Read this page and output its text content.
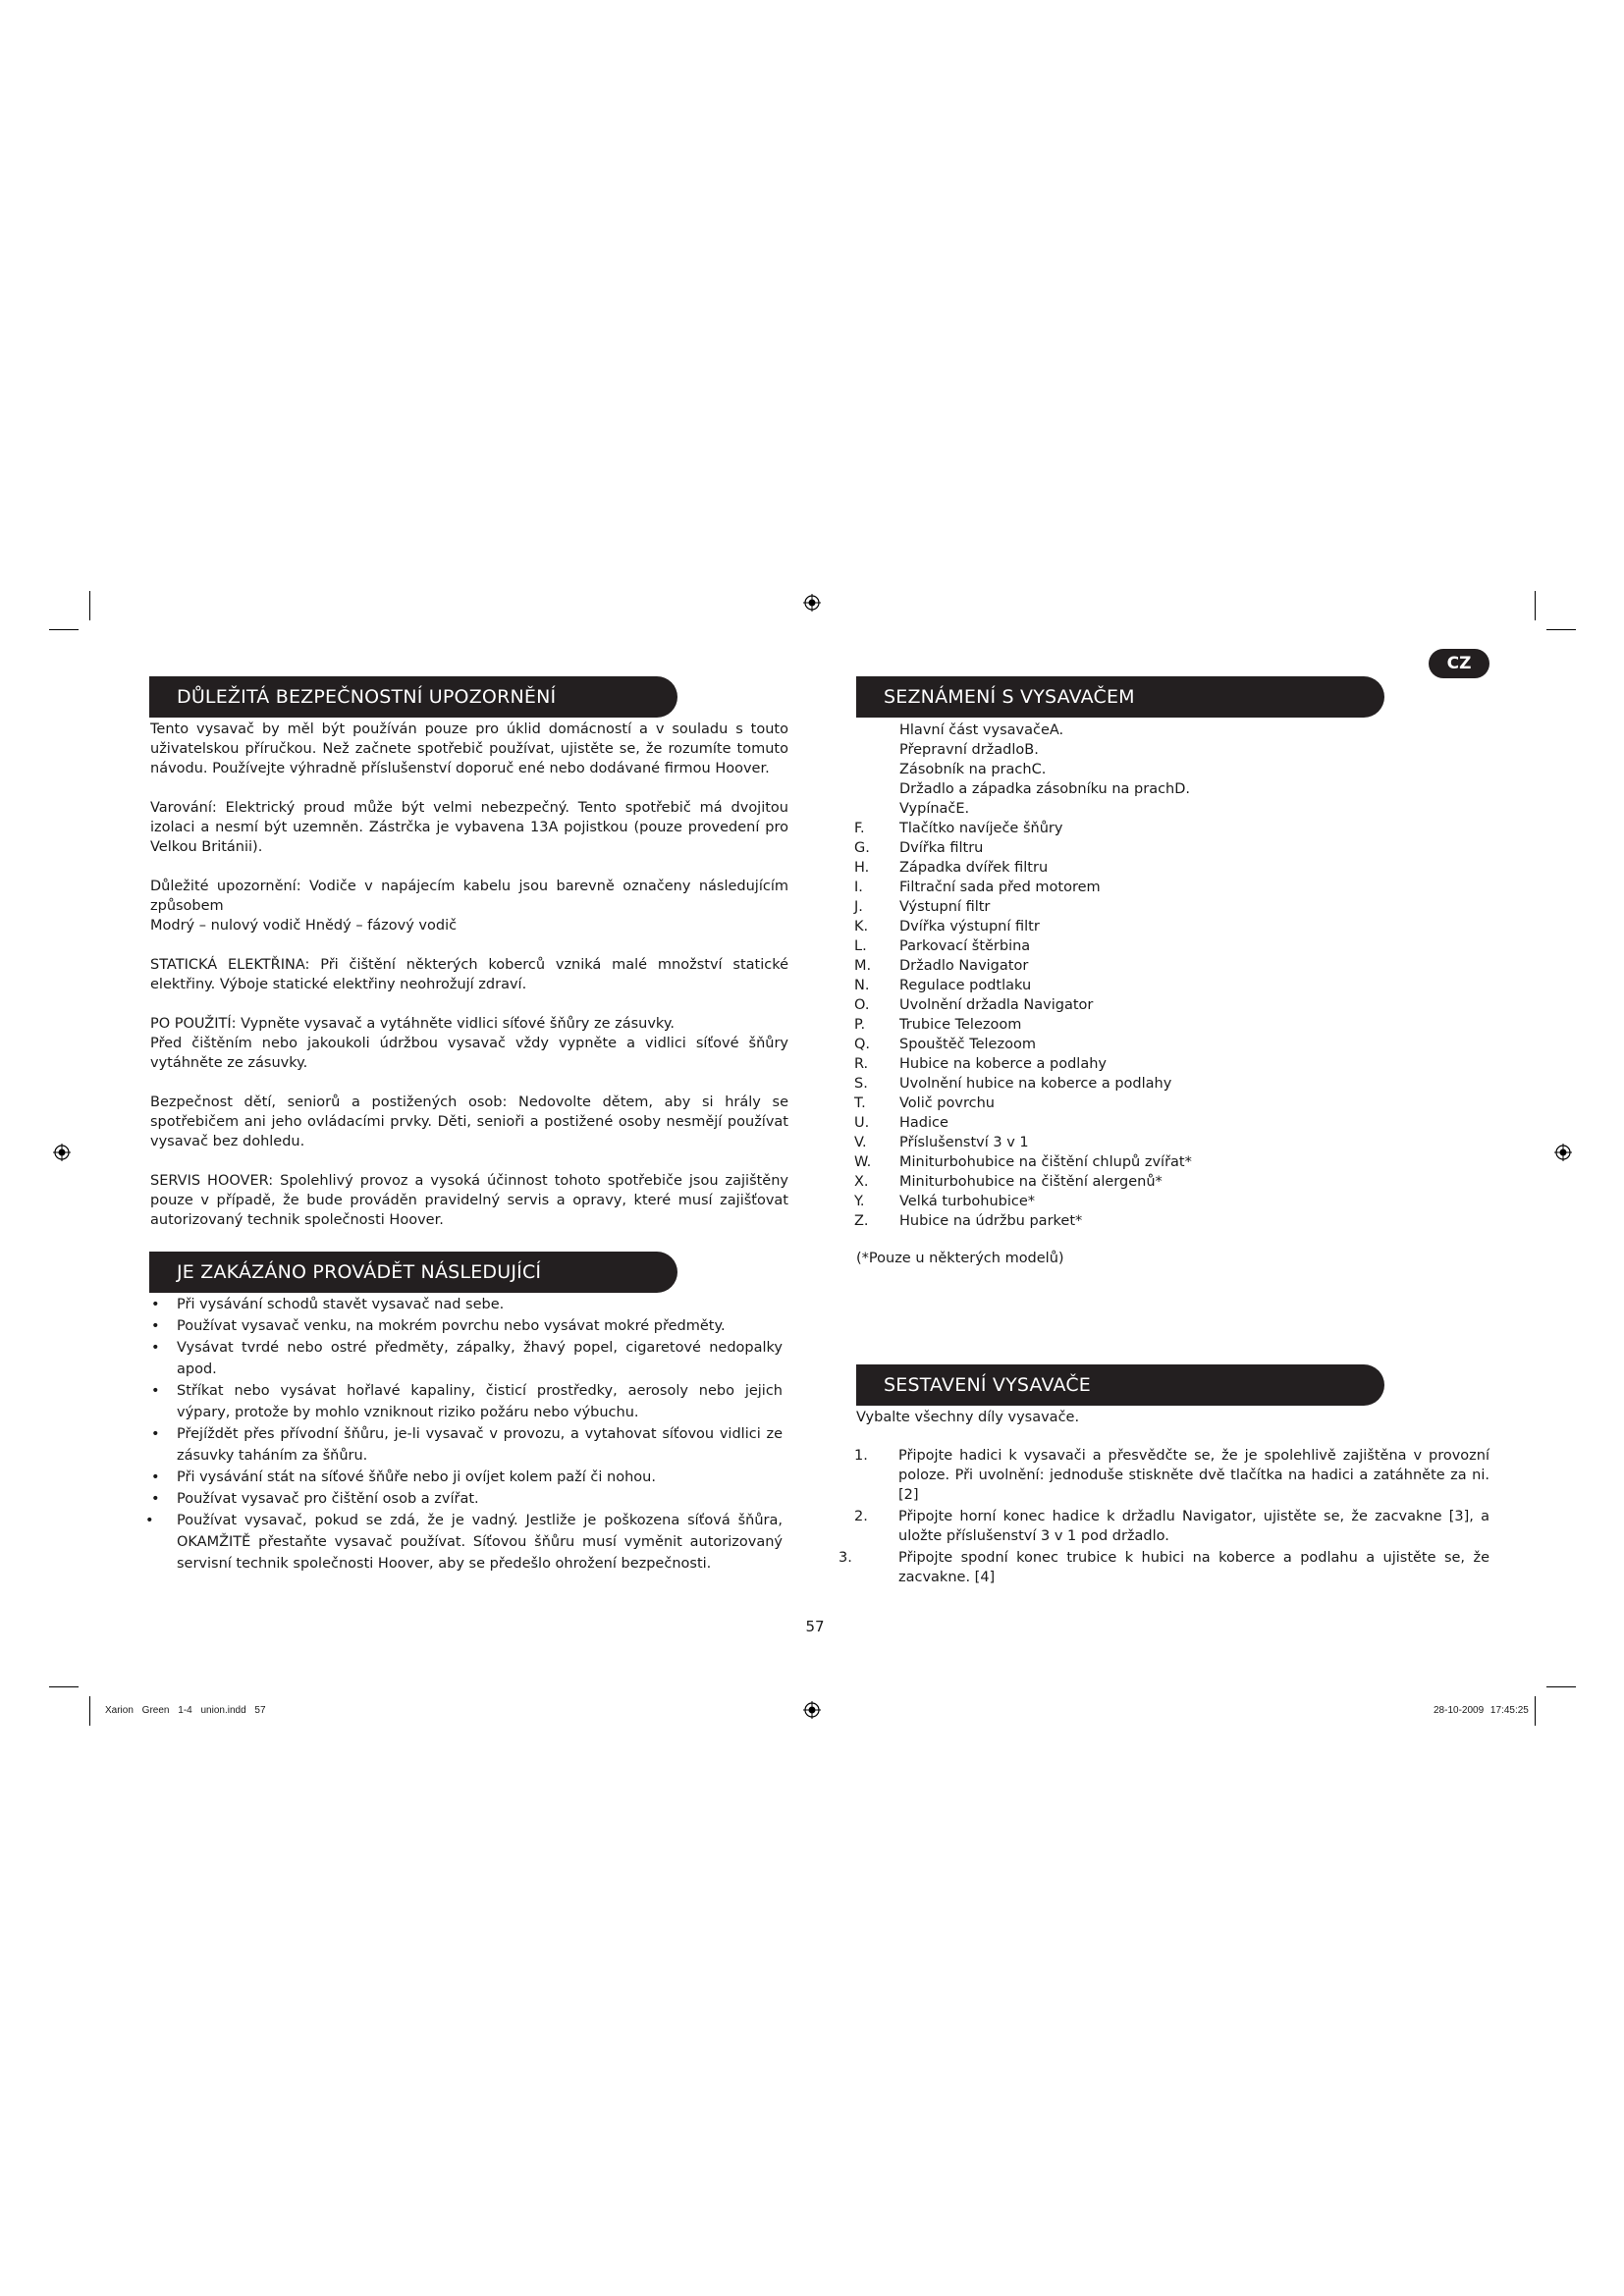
CZ
DŮLEŽITÁ BEZPEČNOSTNÍ UPOZORNĚNÍ

Tento vysavač by měl být používán pouze pro úklid domácností a v souladu s touto uživatelskou příručkou. Než začnete spotřebič používat, ujistěte se, že rozumíte tomuto návodu. Používejte výhradně příslušenství doporuč ené nebo dodávané firmou Hoover.

Varování: Elektrický proud může být velmi nebezpečný. Tento spotřebič má dvojitou izolaci a nesmí být uzemněn. Zástrčka je vybavena 13A pojistkou (pouze provedení pro Velkou Británii).

Důležité upozornění: Vodiče v napájecím kabelu jsou barevně označeny následujícím způsobem

Modrý – nulový vodič Hnědý – fázový vodič

STATICKÁ ELEKTŘINA: Při čištění některých koberců vzniká malé množství statické elektřiny. Výboje statické elektřiny neohrožují zdraví.

PO POUŽITÍ: Vypněte vysavač a vytáhněte vidlici síťové šňůry ze zásuvky.

Před čištěním nebo jakoukoli údržbou vysavač vždy vypněte a vidlici síťové šňůry vytáhněte ze zásuvky.

Bezpečnost dětí, seniorů a postižených osob: Nedovolte dětem, aby si hrály se spotřebičem ani jeho ovládacími prvky. Děti, senioři a postižené osoby nesmějí používat vysavač bez dohledu.

SERVIS HOOVER: Spolehlivý provoz a vysoká účinnost tohoto spotřebiče jsou zajištěny pouze v případě, že bude prováděn pravidelný servis a opravy, které musí zajišťovat autorizovaný technik společnosti Hoover.

JE ZAKÁZÁNO PROVÁDĚT NÁSLEDUJÍCÍ
• Při vysávání schodů stavět vysavač nad sebe.
• Používat vysavač venku, na mokrém povrchu nebo vysávat mokré předměty.
• Vysávat tvrdé nebo ostré předměty, zápalky, žhavý popel, cigaretové nedopalky apod.
• Stříkat nebo vysávat hořlavé kapaliny, čisticí prostředky, aerosoly nebo jejich výpary, protože by mohlo vzniknout riziko požáru nebo výbuchu.
• Přejíždět přes přívodní šňůru, je-li vysavač v provozu, a vytahovat síťovou vidlici ze zásuvky taháním za šňůru.
• Při vysávání stát na síťové šňůře nebo ji ovíjet kolem paží či nohou.
• Používat vysavač pro čištění osob a zvířat.
• Používat vysavač, pokud se zdá, že je vadný. Jestliže je poškozena síťová šňůra, OKAMŽITĚ přestaňte vysavač používat. Síťovou šňůru musí vyměnit autorizovaný servisní technik společnosti Hoover, aby se předešlo ohrožení bezpečnosti.
SEZNÁMENÍ S VYSAVAČEM
Hlavní část vysavačeA.
Přepravní držadloB.
Zásobník na prachC.
Držadlo a západka zásobníku na prachD.
VypínačE.
F.	Tlačítko navíječe šňůry
G.	Dvířka filtru
H.	Západka dvířek filtru
I.	Filtrační sada před motorem
J.	Výstupní filtr
K.	Dvířka výstupní filtr
L.	Parkovací štěrbina
M.	Držadlo Navigator
N.	Regulace podtlaku
O.	Uvolnění držadla Navigator
P.	Trubice Telezoom
Q.	Spouštěč Telezoom
R.	Hubice na koberce a podlahy
S.	Uvolnění hubice na koberce a podlahy
T.	Volič povrchu
U.	Hadice
V.	Příslušenství 3 v 1
W.	Miniturbohubice na čištění chlupů zvířat*
X.	Miniturbohubice na čištění alergenů*
Y.	Velká turbohubice*
Z.	Hubice na údržbu parket*
(*Pouze u některých modelů)
SESTAVENÍ VYSAVAČE
Vybalte všechny díly vysavače.
1. Připojte hadici k vysavači a přesvědčte se, že je spolehlivě zajištěna v provozní poloze. Při uvolnění: jednoduše stiskněte dvě tlačítka na hadici a zatáhněte za ni. [2]
2. Připojte horní konec hadice k držadlu Navigator, ujistěte se, že zacvakne [3], a uložte příslušenství 3 v 1 pod držadlo.
3.	Připojte spodní konec trubice k hubici na koberce a podlahu a ujistěte se, že zacvakne. [4]
57
Xarion Green 1-4 union.indd 57	28-10-2009 17:45:25
